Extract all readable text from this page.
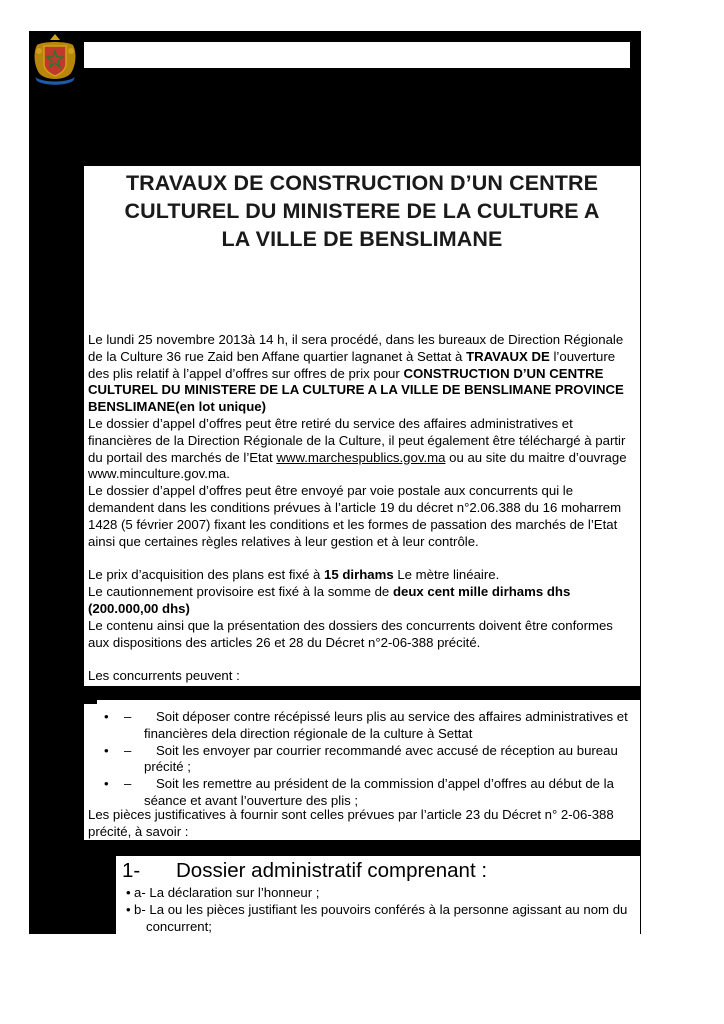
TRAVAUX DE CONSTRUCTION D’UN CENTRE
CULTUREL DU MINISTERE DE LA CULTURE A
LA VILLE DE BENSLIMANE

Le lundi 25 novembre 2013à 14 h, il sera procédé, dans les bureaux de Direction Régionale de la Culture 36 rue Zaid ben Affane quartier lagnanet à Settat à TRAVAUX DE l’ouverture des plis relatif à l’appel d’offres sur offres de prix pour CONSTRUCTION D’UN CENTRE CULTUREL DU MINISTERE DE LA CULTURE A LA VILLE DE BENSLIMANE PROVINCE BENSLIMANE(en lot unique)

Le dossier d’appel d’offres peut être retiré du service des affaires administratives et financières de la Direction Régionale de la Culture, il peut également être téléchargé à partir du portail des marchés de l’Etat www.marchespublics.gov.ma ou au site du maitre d’ouvrage www.minculture.gov.ma.

Le dossier d’appel d’offres peut être envoyé par voie postale aux concurrents qui le demandent dans les conditions prévues à l’article 19 du décret n°2.06.388 du 16 moharrem 1428 (5 février 2007) fixant les conditions et les formes de passation des marchés de l’Etat ainsi que certaines règles relatives à leur gestion et à leur contrôle.

Le prix d’acquisition des plans est fixé à 15 dirhams Le mètre linéaire.

Le cautionnement provisoire est fixé à la somme de deux cent mille dirhams dhs (200.000,00 dhs)

Le contenu ainsi que la présentation des dossiers des concurrents doivent être conformes aux dispositions des articles 26 et 28 du Décret n°2-06-388 précité.

Les concurrents peuvent :

• – Soit déposer contre récépissé leurs plis au service des affaires administratives et financières dela direction régionale de la culture à Settat
• – Soit les envoyer par courrier recommandé avec accusé de réception au bureau précité ;
• – Soit les remettre au président de la commission d’appel d’offres au début de la séance et avant l’ouverture des plis ;

Les pièces justificatives à fournir sont celles prévues par l’article 23 du Décret n° 2-06-388 précité, à savoir :

1- Dossier administratif comprenant :
• a- La déclaration sur l’honneur ;
• b- La ou les pièces justifiant les pouvoirs conférés à la personne agissant au nom du concurrent;
